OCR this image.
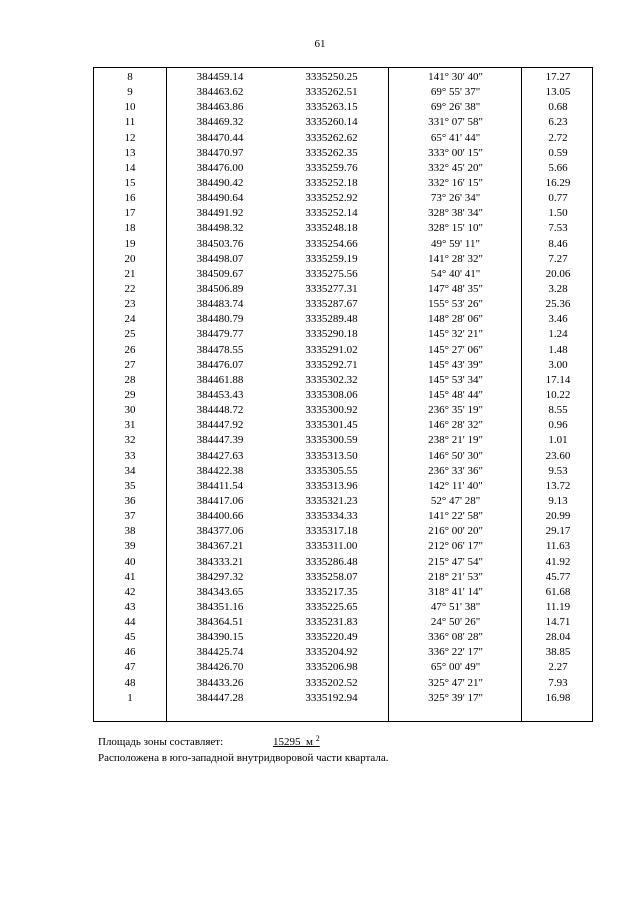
61
8	384459.14	3335250.25	141° 30' 40"	17.27
9	384463.62	3335262.51	69° 55' 37"	13.05
10	384463.86	3335263.15	69° 26' 38"	0.68
11	384469.32	3335260.14	331° 07' 58"	6.23
12	384470.44	3335262.62	65° 41' 44"	2.72
13	384470.97	3335262.35	333° 00' 15"	0.59
14	384476.00	3335259.76	332° 45' 20"	5.66
15	384490.42	3335252.18	332° 16' 15"	16.29
16	384490.64	3335252.92	73° 26' 34"	0.77
17	384491.92	3335252.14	328° 38' 34"	1.50
18	384498.32	3335248.18	328° 15' 10"	7.53
19	384503.76	3335254.66	49° 59' 11"	8.46
20	384498.07	3335259.19	141° 28' 32"	7.27
21	384509.67	3335275.56	54° 40' 41"	20.06
22	384506.89	3335277.31	147° 48' 35"	3.28
23	384483.74	3335287.67	155° 53' 26"	25.36
24	384480.79	3335289.48	148° 28' 06"	3.46
25	384479.77	3335290.18	145° 32' 21"	1.24
26	384478.55	3335291.02	145° 27' 06"	1.48
27	384476.07	3335292.71	145° 43' 39"	3.00
28	384461.88	3335302.32	145° 53' 34"	17.14
29	384453.43	3335308.06	145° 48' 44"	10.22
30	384448.72	3335300.92	236° 35' 19"	8.55
31	384447.92	3335301.45	146° 28' 32"	0.96
32	384447.39	3335300.59	238° 21' 19"	1.01
33	384427.63	3335313.50	146° 50' 30"	23.60
34	384422.38	3335305.55	236° 33' 36"	9.53
35	384411.54	3335313.96	142° 11' 40"	13.72
36	384417.06	3335321.23	52° 47' 28"	9.13
37	384400.66	3335334.33	141° 22' 58"	20.99
38	384377.06	3335317.18	216° 00' 20"	29.17
39	384367.21	3335311.00	212° 06' 17"	11.63
40	384333.21	3335286.48	215° 47' 54"	41.92
41	384297.32	3335258.07	218° 21' 53"	45.77
42	384343.65	3335217.35	318° 41' 14"	61.68
43	384351.16	3335225.65	47° 51' 38"	11.19
44	384364.51	3335231.83	24° 50' 26"	14.71
45	384390.15	3335220.49	336° 08' 28"	28.04
46	384425.74	3335204.92	336° 22' 17"	38.85
47	384426.70	3335206.98	65° 00' 49"	2.27
48	384433.26	3335202.52	325° 47' 21"	7.93
1	384447.28	3335192.94	325° 39' 17"	16.98
Площадь зоны составляет:	15295 м $^2$
Расположена в юго-западной внутридворовой части квартала.
